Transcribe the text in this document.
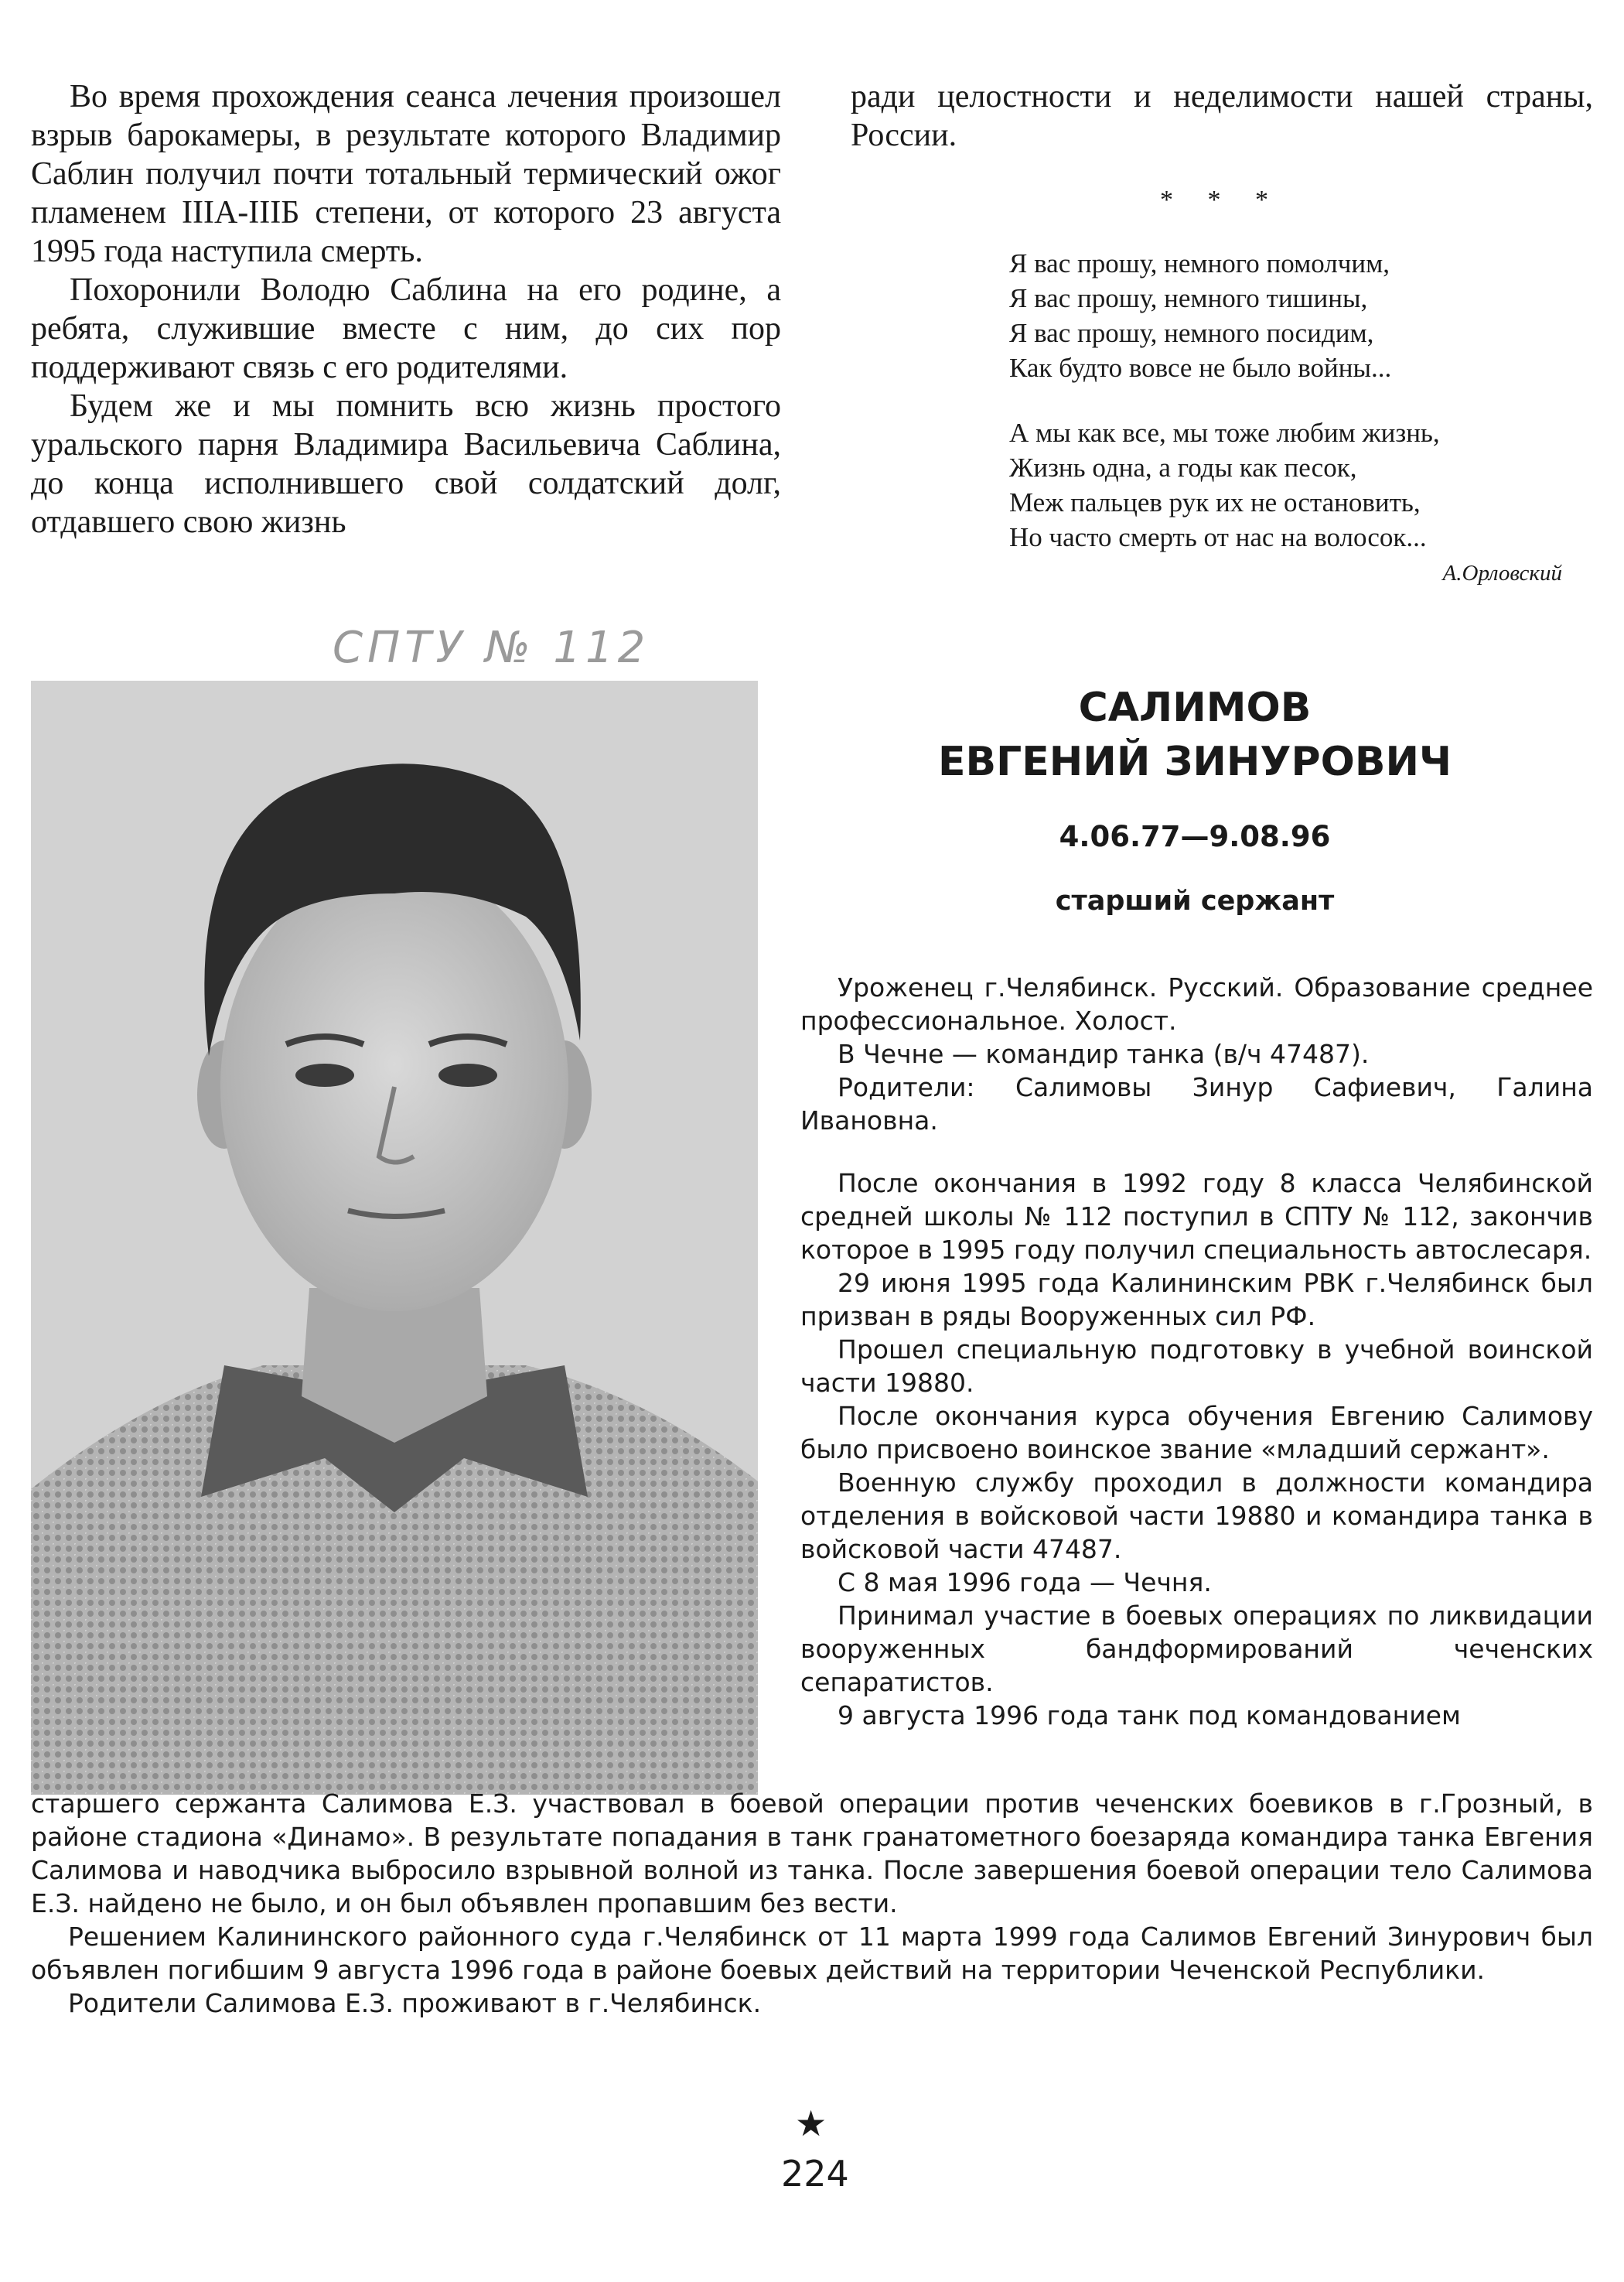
Во время прохождения сеанса лечения произошел взрыв барокамеры, в результате которого Владимир Саблин получил почти тотальный термический ожог пламенем IIIА-IIIБ степени, от которого 23 августа 1995 года наступила смерть.

Похоронили Володю Саблина на его родине, а ребята, служившие вместе с ним, до сих пор поддерживают связь с его родителями.

Будем же и мы помнить всю жизнь простого уральского парня Владимира Васильевича Саблина, до конца исполнившего свой солдатский долг, отдавшего свою жизнь

ради целостности и неделимости нашей страны, России.
* * *
Я вас прошу, немного помолчим,
Я вас прошу, немного тишины,
Я вас прошу, немного посидим,
Как будто вовсе не было войны...
А мы как все, мы тоже любим жизнь,
Жизнь одна, а годы как песок,
Меж пальцев рук их не остановить,
Но часто смерть от нас на волосок...
А.Орловский
СПТУ № 112
САЛИМОВ
ЕВГЕНИЙ ЗИНУРОВИЧ
4.06.77—9.08.96
старший сержант

Уроженец г.Челябинск. Русский. Образование среднее профессиональное. Холост.

В Чечне — командир танка (в/ч 47487).

Родители: Салимовы Зинур Сафиевич, Галина Ивановна.

После окончания в 1992 году 8 класса Челябинской средней школы № 112 поступил в СПТУ № 112, закончив которое в 1995 году получил специальность автослесаря.

29 июня 1995 года Калининским РВК г.Челябинск был призван в ряды Вооруженных сил РФ.

Прошел специальную подготовку в учебной воинской части 19880.

После окончания курса обучения Евгению Салимову было присвоено воинское звание «младший сержант».

Военную службу проходил в должности командира отделения в войсковой части 19880 и командира танка в войсковой части 47487.

С 8 мая 1996 года — Чечня.

Принимал участие в боевых операциях по ликвидации вооруженных бандформирований чеченских сепаратистов.

9 августа 1996 года танк под командованием

старшего сержанта Салимова Е.З. участвовал в боевой операции против чеченских боевиков в г.Грозный, в районе стадиона «Динамо». В результате попадания в танк гранатометного боезаряда командира танка Евгения Салимова и наводчика выбросило взрывной волной из танка. После завершения боевой операции тело Салимова Е.З. найдено не было, и он был объявлен пропавшим без вести.

Решением Калининского районного суда г.Челябинск от 11 марта 1999 года Салимов Евгений Зинурович был объявлен погибшим 9 августа 1996 года в районе боевых действий на территории Чеченской Республики.

Родители Салимова Е.З. проживают в г.Челябинск.

★
224
